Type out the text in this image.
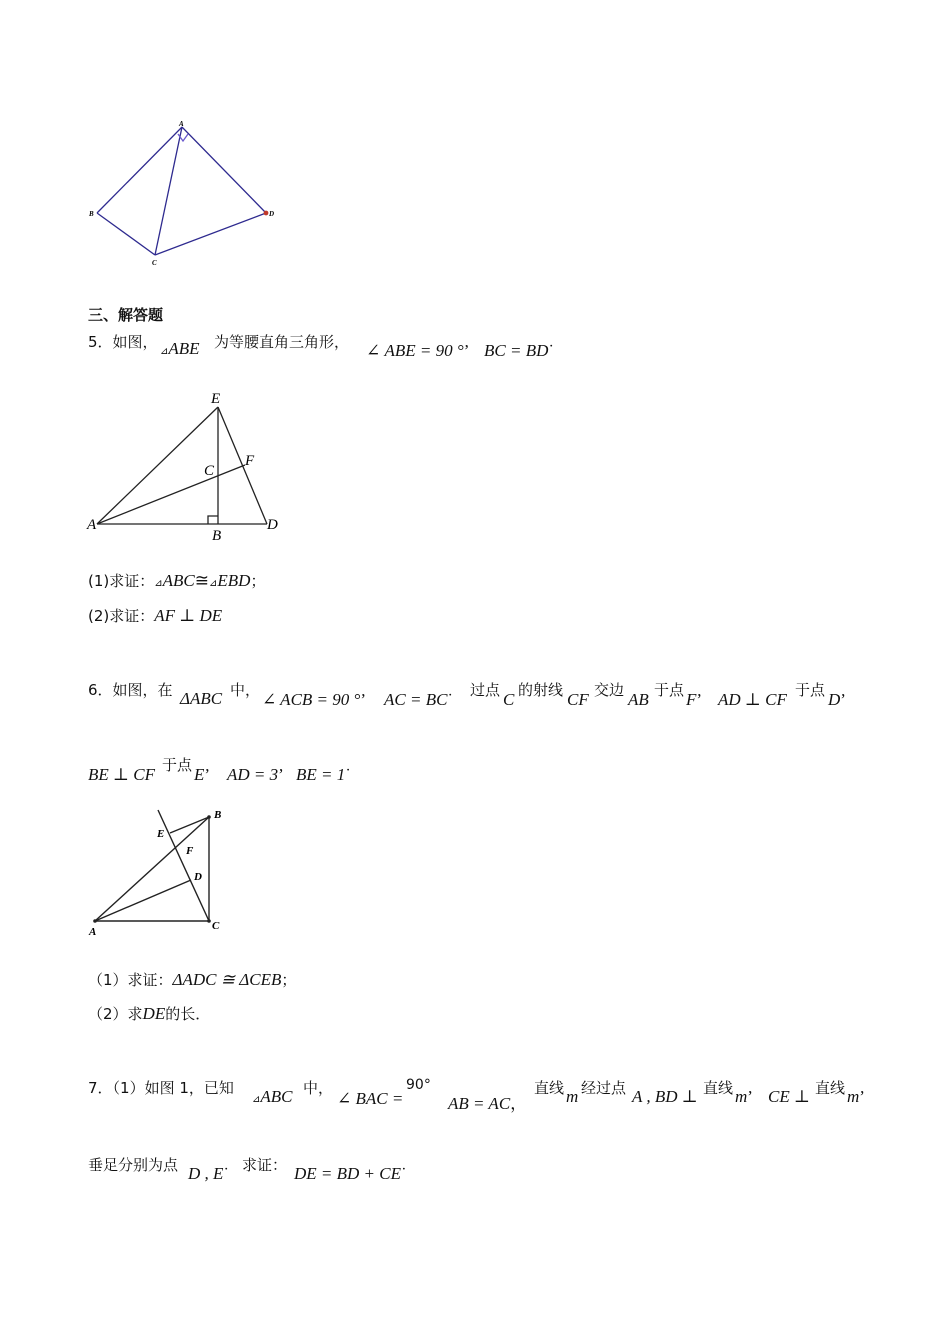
A
B
C
D
三、解答题
5．如图，
⊿ABE 为等腰直角三角形， ∠ ABE = 90 °’ BC = BD˙
E
C
F
A
B
D
(1)求证：⊿ABC≅⊿EBD；
(2)求证：AF ⊥ DE
6．如图，在 ΔABC 中， ∠ ACB = 90 °’ AC = BC˙ 过点 C 的射线 CF 交边 AB 于点 F’ AD ⊥ CF 于点 D’
BE ⊥ CF 于点 E’ AD = 3’ BE = 1˙
B
E
F
D
A	C
（1）求证：ΔADC ≅ ΔCEB；
（2）求DE的长．
7．（1）如图 1，已知
⊿ABC 中，
∠ BAC =
90°
AB = AC，
直线 m 经过点 A , BD ⊥ 直线 m’ CE ⊥ 直线 m’
垂足分别为点 D , E˙ 求证： DE = BD + CE˙
